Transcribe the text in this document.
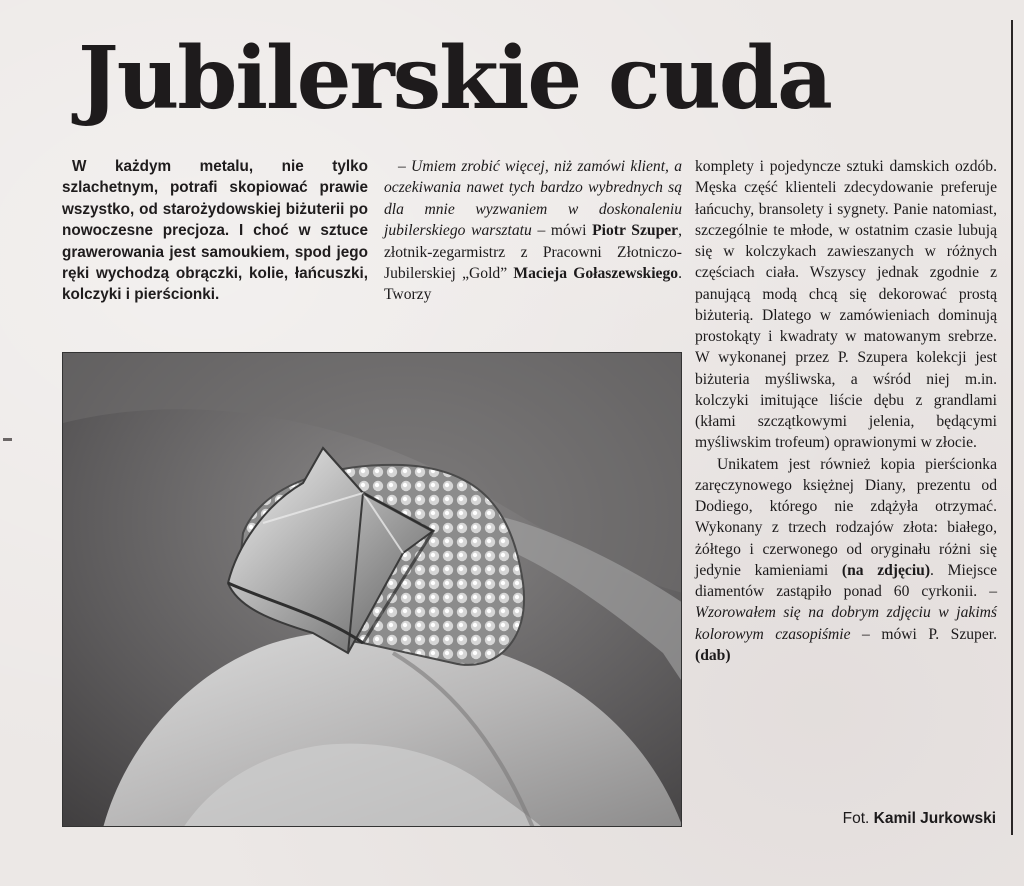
Jubilerskie cuda

W każdym metalu, nie tylko szlachetnym, potrafi skopiować prawie wszystko, od starożydowskiej biżuterii po nowoczesne precjoza. I choć w sztuce grawerowania jest samoukiem, spod jego ręki wychodzą obrączki, kolie, łańcuszki, kolczyki i pierścionki.

– Umiem zrobić więcej, niż zamówi klient, a oczekiwania nawet tych bardzo wybrednych są dla mnie wyzwaniem w doskonaleniu jubilerskiego warsztatu – mówi Piotr Szuper, złotnik-zegarmistrz z Pracowni Złotniczo-Jubilerskiej „Gold” Macieja Gołaszewskiego. Tworzy

komplety i pojedyncze sztuki damskich ozdób. Męska część klienteli zdecydowanie preferuje łańcuchy, bransolety i sygnety. Panie natomiast, szczególnie te młode, w ostatnim czasie lubują się w kolczykach zawieszanych w różnych częściach ciała. Wszyscy jednak zgodnie z panującą modą chcą się dekorować prostą biżuterią. Dlatego w zamówieniach dominują prostokąty i kwadraty w matowanym srebrze. W wykonanej przez P. Szupera kolekcji jest biżuteria myśliwska, a wśród niej m.in. kolczyki imitujące liście dębu z grandlami (kłami szczątkowymi jelenia, będącymi myśliwskim trofeum) oprawionymi w złocie.

Unikatem jest również kopia pierścionka zaręczynowego księżnej Diany, prezentu od Dodiego, którego nie zdążyła otrzymać. Wykonany z trzech rodzajów złota: białego, żółtego i czerwonego od oryginału różni się jedynie kamieniami (na zdjęciu). Miejsce diamentów zastąpiło ponad 60 cyrkonii. – Wzorowałem się na dobrym zdjęciu w jakimś kolorowym czasopiśmie – mówi P. Szuper. (dab)

Fot. Kamil Jurkowski
